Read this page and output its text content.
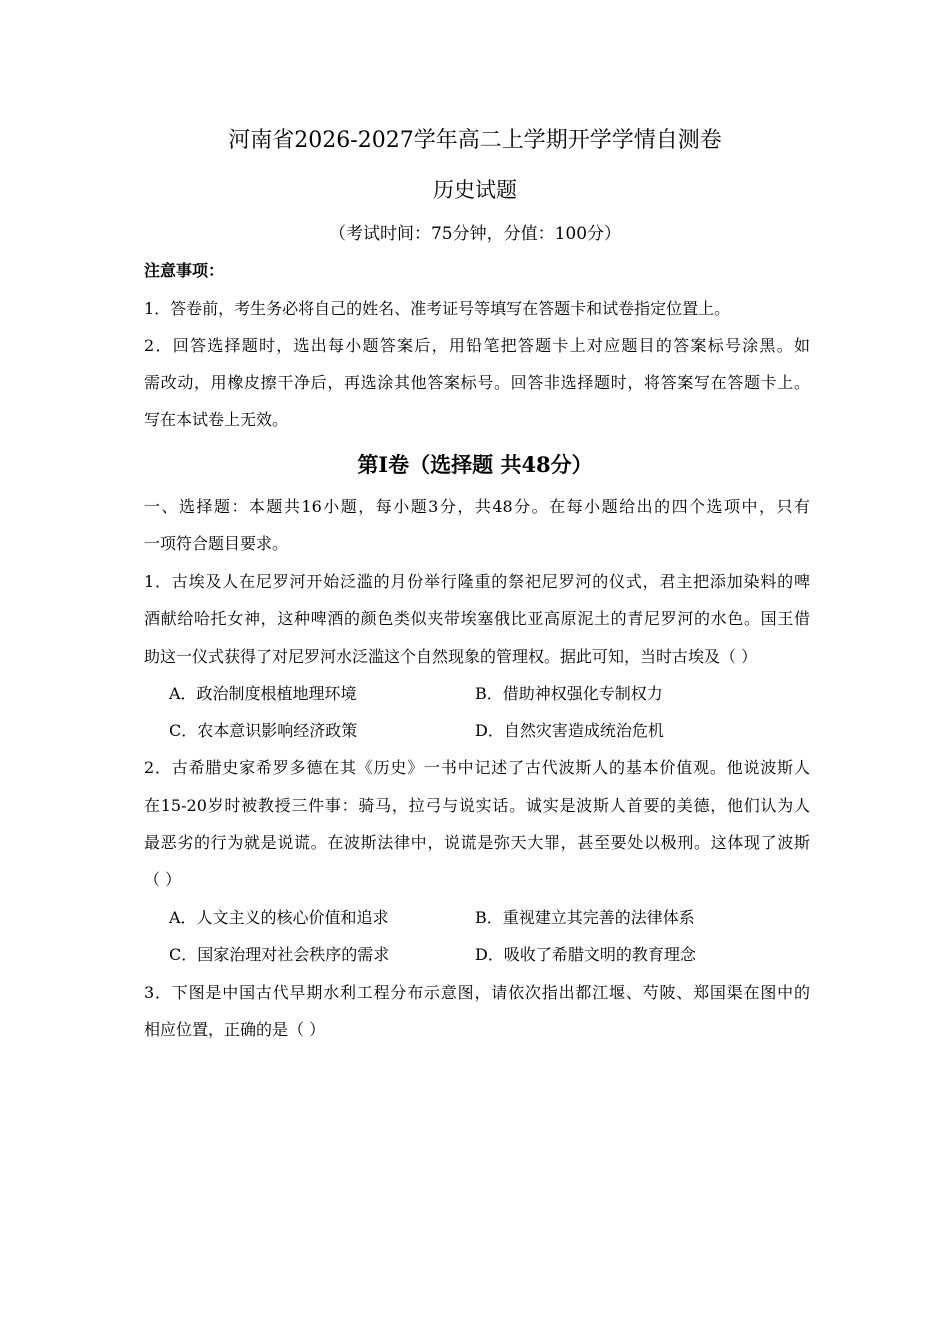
河南省2026-2027学年高二上学期开学学情自测卷
历史试题
（考试时间：75分钟，分值：100分）
注意事项：
1．答卷前，考生务必将自己的姓名、准考证号等填写在答题卡和试卷指定位置上。
2．回答选择题时，选出每小题答案后，用铅笔把答题卡上对应题目的答案标号涂黑。如
需改动，用橡皮擦干净后，再选涂其他答案标号。回答非选择题时，将答案写在答题卡上。
写在本试卷上无效。
第Ⅰ卷（选择题 共48分）
一、选择题：本题共16小题，每小题3分，共48分。在每小题给出的四个选项中，只有
一项符合题目要求。
1．古埃及人在尼罗河开始泛滥的月份举行隆重的祭祀尼罗河的仪式，君主把添加染料的啤
酒献给哈托女神，这种啤酒的颜色类似夹带埃塞俄比亚高原泥土的青尼罗河的水色。国王借
助这一仪式获得了对尼罗河水泛滥这个自然现象的管理权。据此可知，当时古埃及（ ）
A．政治制度根植地理环境	B．借助神权强化专制权力
C．农本意识影响经济政策	D．自然灾害造成统治危机
2．古希腊史家希罗多德在其《历史》一书中记述了古代波斯人的基本价值观。他说波斯人
在15-20岁时被教授三件事：骑马，拉弓与说实话。诚实是波斯人首要的美德，他们认为人
最恶劣的行为就是说谎。在波斯法律中，说谎是弥天大罪，甚至要处以极刑。这体现了波斯
（ ）
A．人文主义的核心价值和追求	B．重视建立其完善的法律体系
C．国家治理对社会秩序的需求	D．吸收了希腊文明的教育理念
3．下图是中国古代早期水利工程分布示意图，请依次指出都江堰、芍陂、郑国渠在图中的
相应位置，正确的是（ ）
